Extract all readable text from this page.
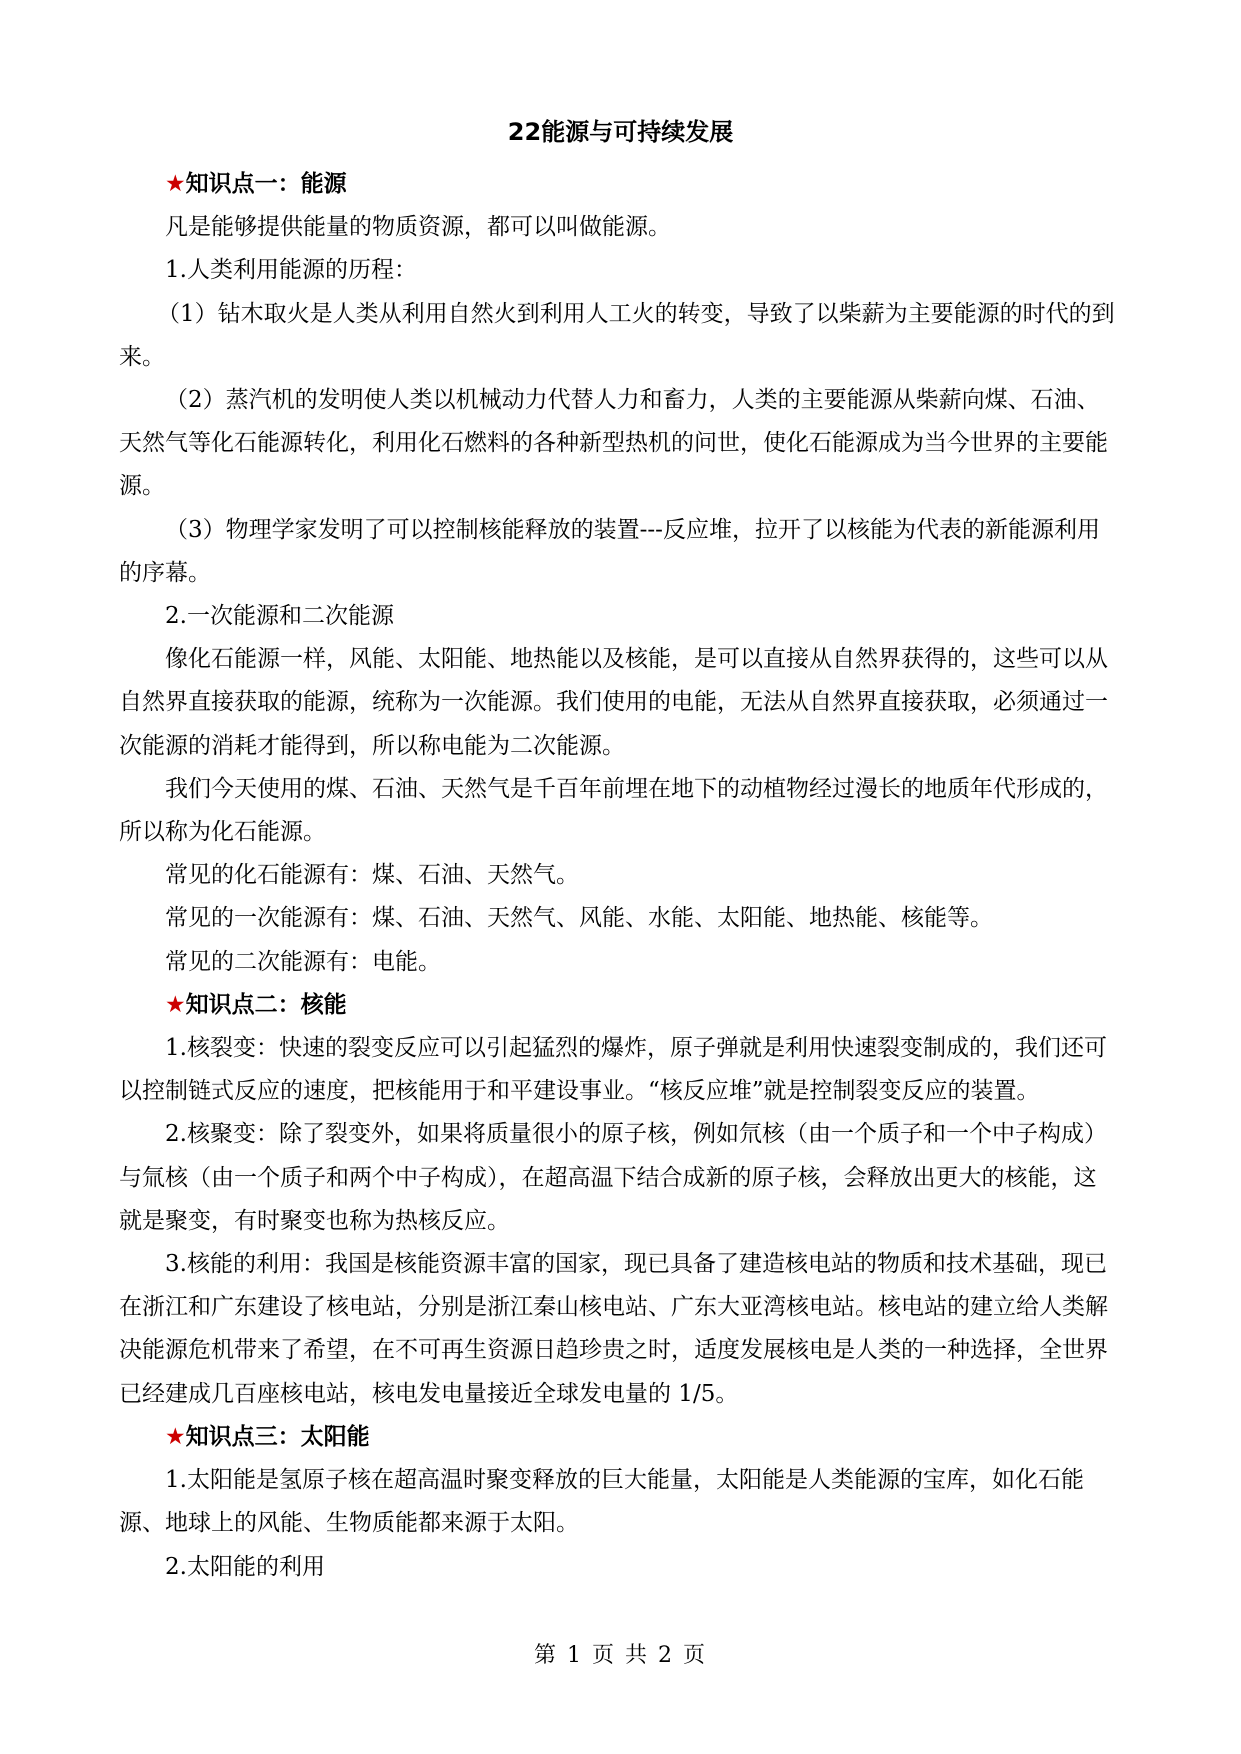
22能源与可持续发展

★知识点一：能源

凡是能够提供能量的物质资源，都可以叫做能源。

1.人类利用能源的历程：

（1）钻木取火是人类从利用自然火到利用人工火的转变，导致了以柴薪为主要能源的时代的到来。

（2）蒸汽机的发明使人类以机械动力代替人力和畜力，人类的主要能源从柴薪向煤、石油、天然气等化石能源转化，利用化石燃料的各种新型热机的问世，使化石能源成为当今世界的主要能源。

（3）物理学家发明了可以控制核能释放的装置---反应堆，拉开了以核能为代表的新能源利用的序幕。

2.一次能源和二次能源

像化石能源一样，风能、太阳能、地热能以及核能，是可以直接从自然界获得的，这些可以从自然界直接获取的能源，统称为一次能源。我们使用的电能，无法从自然界直接获取，必须通过一次能源的消耗才能得到，所以称电能为二次能源。

我们今天使用的煤、石油、天然气是千百年前埋在地下的动植物经过漫长的地质年代形成的，所以称为化石能源。

常见的化石能源有：煤、石油、天然气。

常见的一次能源有：煤、石油、天然气、风能、水能、太阳能、地热能、核能等。

常见的二次能源有：电能。

★知识点二：核能

1.核裂变：快速的裂变反应可以引起猛烈的爆炸，原子弹就是利用快速裂变制成的，我们还可以控制链式反应的速度，把核能用于和平建设事业。“核反应堆”就是控制裂变反应的装置。

2.核聚变：除了裂变外，如果将质量很小的原子核，例如氘核（由一个质子和一个中子构成）与氚核（由一个质子和两个中子构成），在超高温下结合成新的原子核，会释放出更大的核能，这就是聚变，有时聚变也称为热核反应。

3.核能的利用：我国是核能资源丰富的国家，现已具备了建造核电站的物质和技术基础，现已在浙江和广东建设了核电站，分别是浙江秦山核电站、广东大亚湾核电站。核电站的建立给人类解决能源危机带来了希望，在不可再生资源日趋珍贵之时，适度发展核电是人类的一种选择，全世界已经建成几百座核电站，核电发电量接近全球发电量的 1/5。

★知识点三：太阳能

1.太阳能是氢原子核在超高温时聚变释放的巨大能量，太阳能是人类能源的宝库，如化石能源、地球上的风能、生物质能都来源于太阳。

2.太阳能的利用

第 1 页 共 2 页
